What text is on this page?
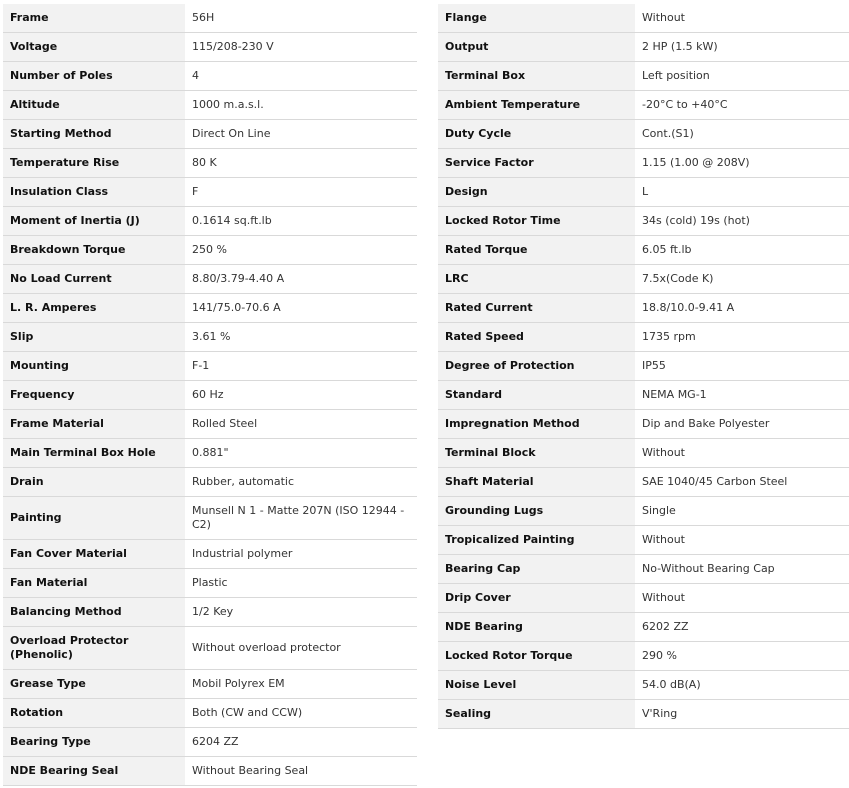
Frame	56H
Voltage	115/208-230 V
Number of Poles	4
Altitude	1000 m.a.s.l.
Starting Method	Direct On Line
Temperature Rise	80 K
Insulation Class	F
Moment of Inertia (J)	0.1614 sq.ft.lb
Breakdown Torque	250 %
No Load Current	8.80/3.79-4.40 A
L. R. Amperes	141/75.0-70.6 A
Slip	3.61 %
Mounting	F-1
Frequency	60 Hz
Frame Material	Rolled Steel
Main Terminal Box Hole	0.881"
Drain	Rubber, automatic
Painting	Munsell N 1 - Matte 207N (ISO 12944 - C2)
Fan Cover Material	Industrial polymer
Fan Material	Plastic
Balancing Method	1/2 Key
Overload Protector (Phenolic)	Without overload protector
Grease Type	Mobil Polyrex EM
Rotation	Both (CW and CCW)
Bearing Type	6204 ZZ
NDE Bearing Seal	Without Bearing Seal
Flange	Without
Output	2 HP (1.5 kW)
Terminal Box	Left position
Ambient Temperature	-20°C to +40°C
Duty Cycle	Cont.(S1)
Service Factor	1.15 (1.00 @ 208V)
Design	L
Locked Rotor Time	34s (cold) 19s (hot)
Rated Torque	6.05 ft.lb
LRC	7.5x(Code K)
Rated Current	18.8/10.0-9.41 A
Rated Speed	1735 rpm
Degree of Protection	IP55
Standard	NEMA MG-1
Impregnation Method	Dip and Bake Polyester
Terminal Block	Without
Shaft Material	SAE 1040/45 Carbon Steel
Grounding Lugs	Single
Tropicalized Painting	Without
Bearing Cap	No-Without Bearing Cap
Drip Cover	Without
NDE Bearing	6202 ZZ
Locked Rotor Torque	290 %
Noise Level	54.0 dB(A)
Sealing	V'Ring
